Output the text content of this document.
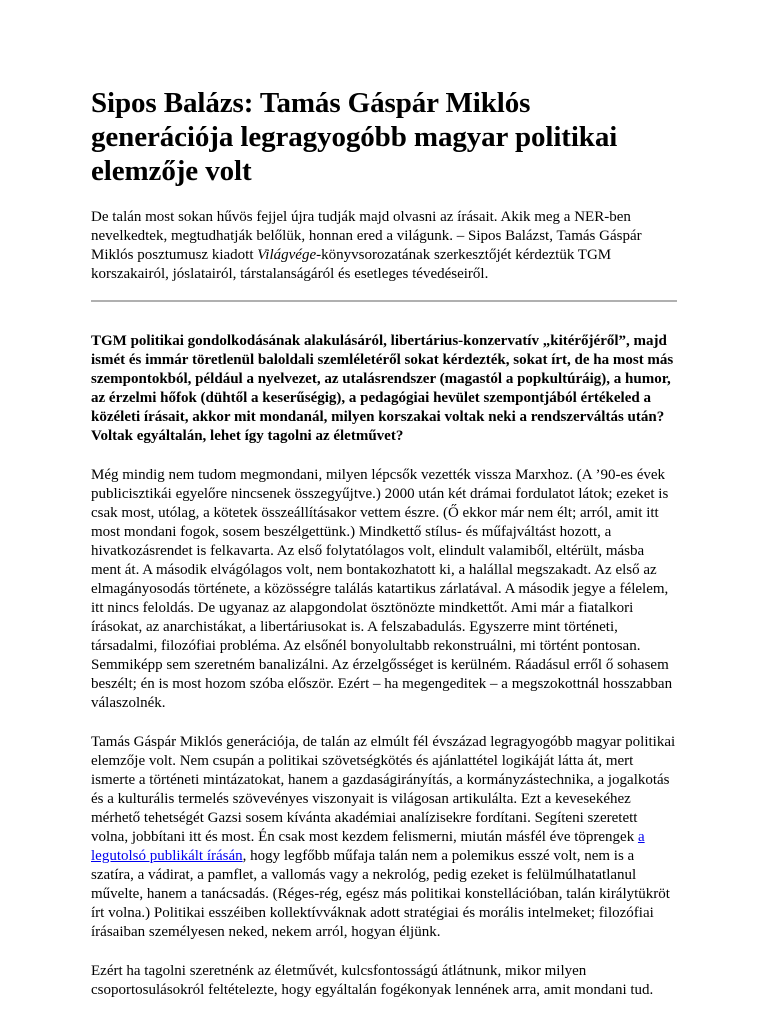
Sipos Balázs: Tamás Gáspár Miklós generációja legragyogóbb magyar politikai elemzője volt

De talán most sokan hűvös fejjel újra tudják majd olvasni az írásait. Akik meg a NER-ben nevelkedtek, megtudhatják belőlük, honnan ered a világunk. – Sipos Balázst, Tamás Gáspár Miklós posztumusz kiadott Világvége-könyvsorozatának szerkesztőjét kérdeztük TGM korszakairól, jóslatairól, társtalanságáról és esetleges tévedéseiről.

TGM politikai gondolkodásának alakulásáról, libertárius-konzervatív „kitérőjéről”, majd ismét és immár töretlenül baloldali szemléletéről sokat kérdezték, sokat írt, de ha most más szempontokból, például a nyelvezet, az utalásrendszer (magastól a popkultúráig), a humor, az érzelmi hőfok (dühtől a keserűségig), a pedagógiai hevület szempontjából értékeled a közéleti írásait, akkor mit mondanál, milyen korszakai voltak neki a rendszerváltás után? Voltak egyáltalán, lehet így tagolni az életművet?

Még mindig nem tudom megmondani, milyen lépcsők vezették vissza Marxhoz. (A ’90-es évek publicisztikái egyelőre nincsenek összegyűjtve.) 2000 után két drámai fordulatot látok; ezeket is csak most, utólag, a kötetek összeállításakor vettem észre. (Ő ekkor már nem élt; arról, amit itt most mondani fogok, sosem beszélgettünk.) Mindkettő stílus- és műfajváltást hozott, a hivatkozásrendet is felkavarta. Az első folytatólagos volt, elindult valamiből, eltérült, másba ment át. A második elvágólagos volt, nem bontakozhatott ki, a halállal megszakadt. Az első az elmagányosodás története, a közösségre találás katartikus zárlatával. A második jegye a félelem, itt nincs feloldás. De ugyanaz az alapgondolat ösztönözte mindkettőt. Ami már a fiatalkori írásokat, az anarchistákat, a libertáriusokat is. A felszabadulás. Egyszerre mint történeti, társadalmi, filozófiai probléma. Az elsőnél bonyolultabb rekonstruálni, mi történt pontosan. Semmiképp sem szeretném banalizálni. Az érzelgősséget is kerülném. Ráadásul erről ő sohasem beszélt; én is most hozom szóba először. Ezért – ha megengeditek – a megszokottnál hosszabban válaszolnék.

Tamás Gáspár Miklós generációja, de talán az elmúlt fél évszázad legragyogóbb magyar politikai elemzője volt. Nem csupán a politikai szövetségkötés és ajánlattétel logikáját látta át, mert ismerte a történeti mintázatokat, hanem a gazdaságirányítás, a kormányzástechnika, a jogalkotás és a kulturális termelés szövevényes viszonyait is világosan artikulálta. Ezt a kevesekéhez mérhető tehetségét Gazsi sosem kívánta akadémiai analízisekre fordítani. Segíteni szeretett volna, jobbítani itt és most. Én csak most kezdem felismerni, miután másfél éve töprengek a legutolsó publikált írásán, hogy legfőbb műfaja talán nem a polemikus esszé volt, nem is a szatíra, a vádirat, a pamflet, a vallomás vagy a nekrológ, pedig ezeket is felülmúlhatatlanul művelte, hanem a tanácsadás. (Réges-rég, egész más politikai konstellációban, talán királytükröt írt volna.) Politikai esszéiben kollektívváknak adott stratégiai és morális intelmeket; filozófiai írásaiban személyesen neked, nekem arról, hogyan éljünk.

Ezért ha tagolni szeretnénk az életművét, kulcsfontosságú átlátnunk, mikor milyen csoportosulásokról feltételezte, hogy egyáltalán fogékonyak lennének arra, amit mondani tud.
